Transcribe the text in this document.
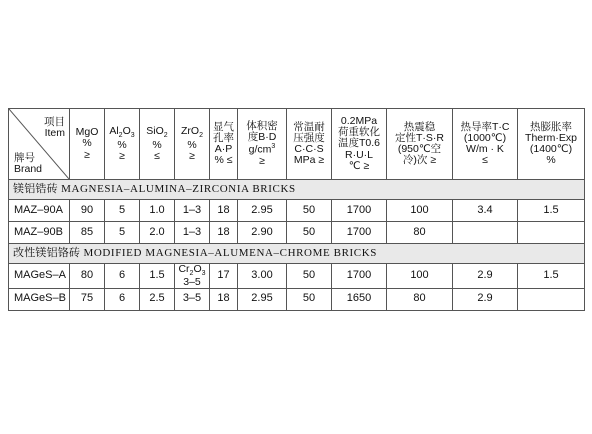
项目
Item
牌号
Brand	MgO
%
≥	$Al_2O_3$
%
≥	SiO$_2$
%
≤	ZrO$_2$
%
≥	显气
孔率
A·P
% ≤	体积密
度B·D
$g/cm^3$
≥	常温耐
压强度
C·C·S
MPa ≥	0.2MPa
荷重软化
温度T0.6
R·U·L
℃ ≥	热震稳
定性T·S·R
(950℃空
冷)次 ≥	热导率T·C
(1000℃)
W/m · K
≤	热膨胀率
Therm·Exp
(1400℃)
%

镁铝锆砖 MAGNESIA–ALUMINA–ZIRCONIA BRICKS											
MAZ–90A	90	5	1.0	1–3	18	2.95	50	1700	100	3.4	1.5
MAZ–90B	85	5	2.0	1–3	18	2.90	50	1700	80		
改性镁铝铬砖 MODIFIED MAGNESIA–ALUMENA–CHROME BRICKS											
MAGeS–A	80	6	1.5	$Cr_2O_3$
3–5	17	3.00	50	1700	100	2.9	1.5
MAGeS–B	75	6	2.5	3–5	18	2.95	50	1650	80	2.9	
